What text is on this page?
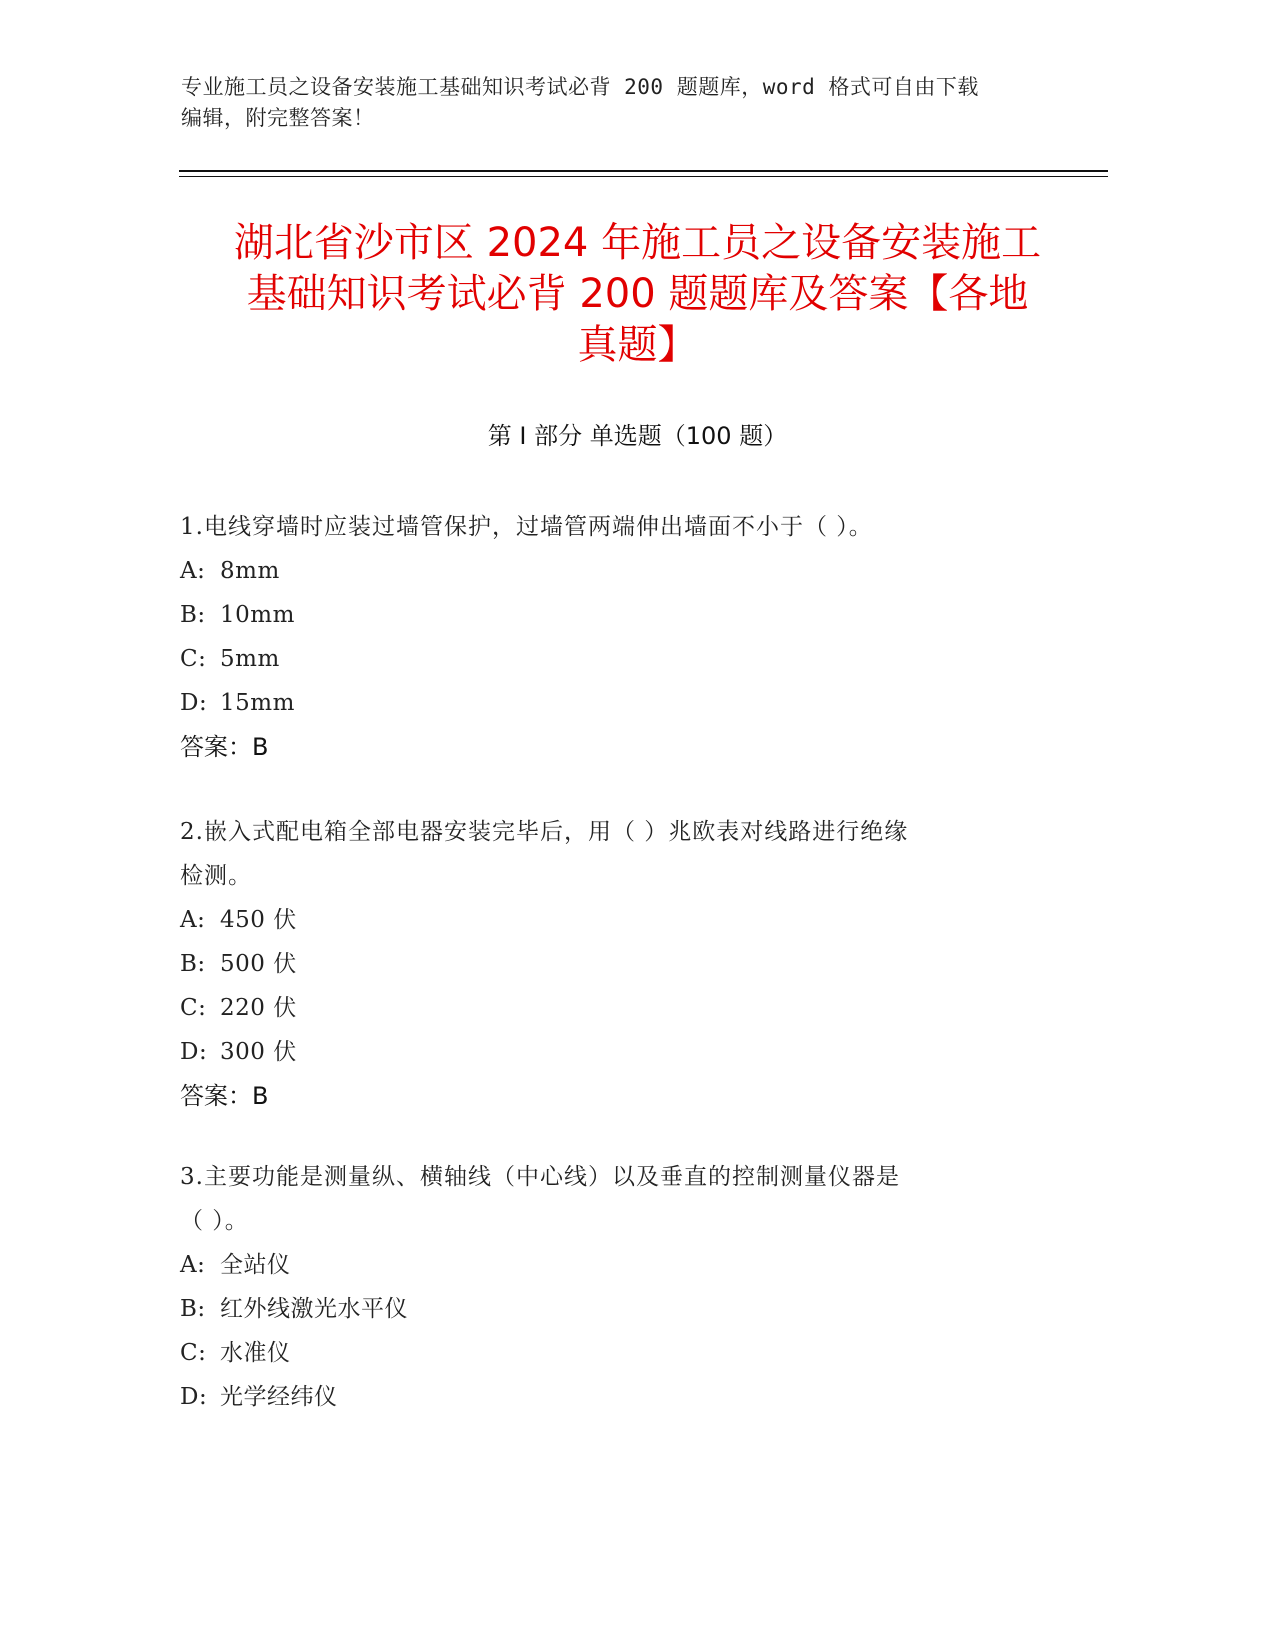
专业施工员之设备安装施工基础知识考试必背 200 题题库，word 格式可自由下载
编辑，附完整答案！
湖北省沙市区 2024 年施工员之设备安装施工
基础知识考试必背 200 题题库及答案【各地
真题】
第 I 部分 单选题（100 题）
1.电线穿墙时应装过墙管保护，过墙管两端伸出墙面不小于（ ）。
A: 8mm
B: 10mm
C: 5mm
D: 15mm
答案：B
2.嵌入式配电箱全部电器安装完毕后，用（ ）兆欧表对线路进行绝缘
检测。
A: 450 伏
B: 500 伏
C: 220 伏
D: 300 伏
答案：B
3.主要功能是测量纵、横轴线（中心线）以及垂直的控制测量仪器是
（ ）。
A: 全站仪
B: 红外线激光水平仪
C: 水准仪
D: 光学经纬仪
